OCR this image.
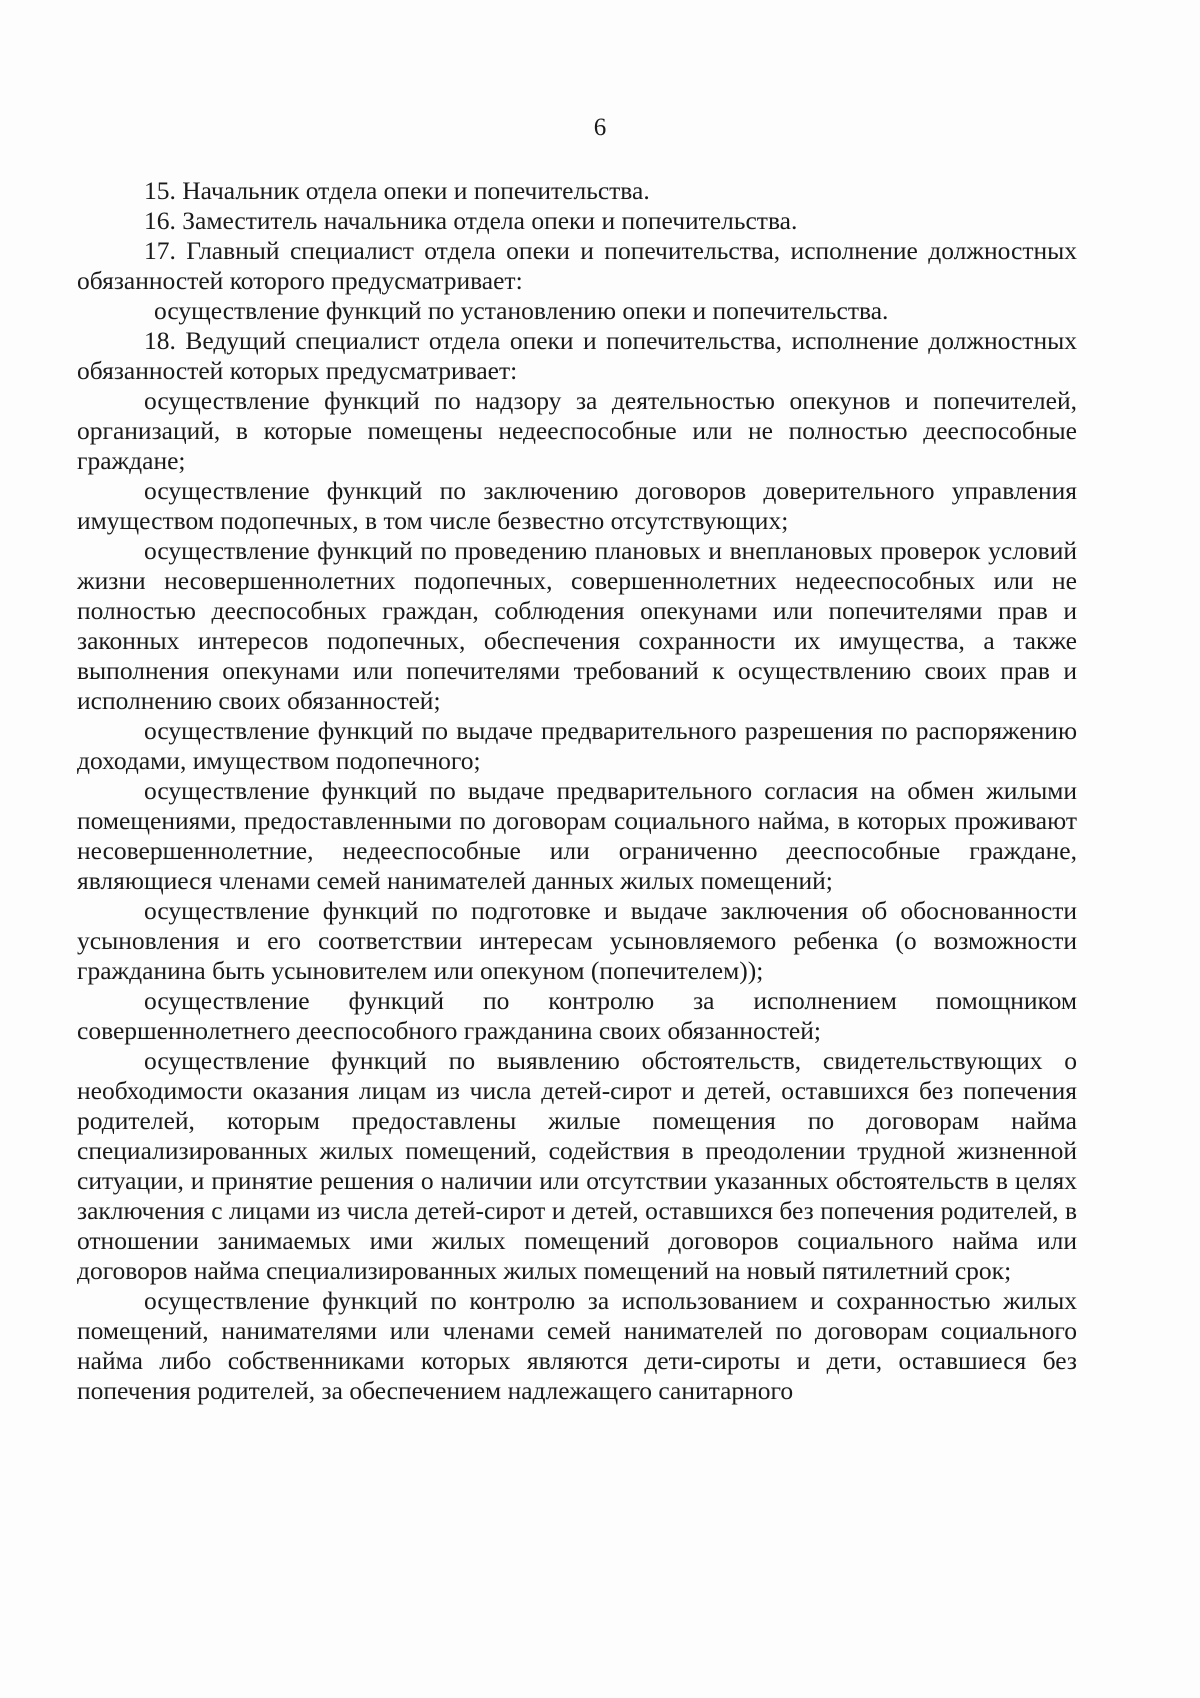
6

15. Начальник отдела опеки и попечительства.

16. Заместитель начальника отдела опеки и попечительства.

17. Главный специалист отдела опеки и попечительства, исполнение должностных обязанностей которого предусматривает:

осуществление функций по установлению опеки и попечительства.

18. Ведущий специалист отдела опеки и попечительства, исполнение должностных обязанностей которых предусматривает:

осуществление функций по надзору за деятельностью опекунов и попечителей, организаций, в которые помещены недееспособные или не полностью дееспособные граждане;

осуществление функций по заключению договоров доверительного управления имуществом подопечных, в том числе безвестно отсутствующих;

осуществление функций по проведению плановых и внеплановых проверок условий жизни несовершеннолетних подопечных, совершеннолетних недееспособных или не полностью дееспособных граждан, соблюдения опекунами или попечителями прав и законных интересов подопечных, обеспечения сохранности их имущества, а также выполнения опекунами или попечителями требований к осуществлению своих прав и исполнению своих обязанностей;

осуществление функций по выдаче предварительного разрешения по распоряжению доходами, имуществом подопечного;

осуществление функций по выдаче предварительного согласия на обмен жилыми помещениями, предоставленными по договорам социального найма, в которых проживают несовершеннолетние, недееспособные или ограниченно дееспособные граждане, являющиеся членами семей нанимателей данных жилых помещений;

осуществление функций по подготовке и выдаче заключения об обоснованности усыновления и его соответствии интересам усыновляемого ребенка (о возможности гражданина быть усыновителем или опекуном (попечителем));

осуществление функций по контролю за исполнением помощником совершеннолетнего дееспособного гражданина своих обязанностей;

осуществление функций по выявлению обстоятельств, свидетельствующих о необходимости оказания лицам из числа детей-сирот и детей, оставшихся без попечения родителей, которым предоставлены жилые помещения по договорам найма специализированных жилых помещений, содействия в преодолении трудной жизненной ситуации, и принятие решения о наличии или отсутствии указанных обстоятельств в целях заключения с лицами из числа детей-сирот и детей, оставшихся без попечения родителей, в отношении занимаемых ими жилых помещений договоров социального найма или договоров найма специализированных жилых помещений на новый пятилетний срок;

осуществление функций по контролю за использованием и сохранностью жилых помещений, нанимателями или членами семей нанимателей по договорам социального найма либо собственниками которых являются дети-сироты и дети, оставшиеся без попечения родителей, за обеспечением надлежащего санитарного
